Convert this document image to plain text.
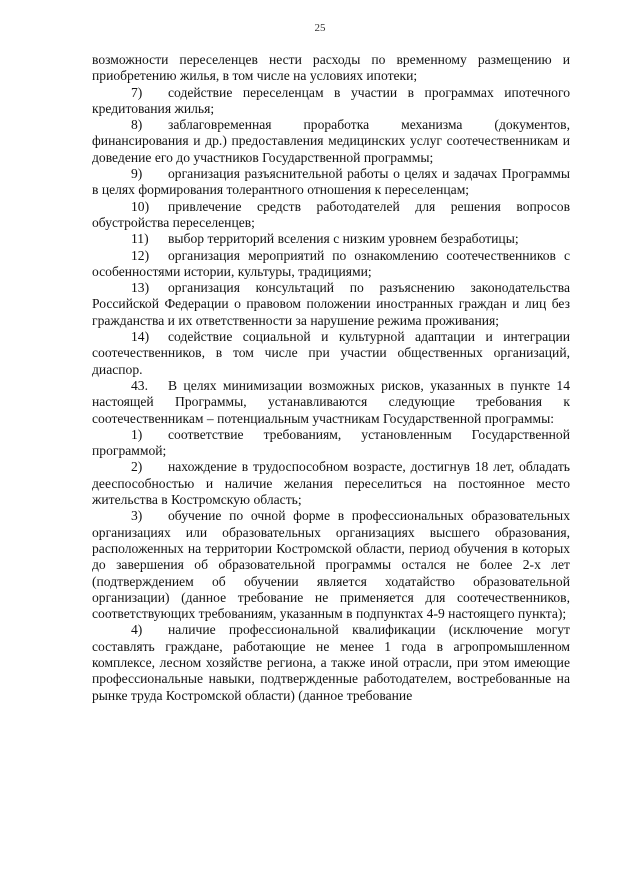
25

возможности переселенцев нести расходы по временному размещению и приобретению жилья, в том числе на условиях ипотеки;

7) содействие переселенцам в участии в программах ипотечного кредитования жилья;

8) заблаговременная проработка механизма (документов, финансирования и др.) предоставления медицинских услуг соотечественникам и доведение его до участников Государственной программы;

9) организация разъяснительной работы о целях и задачах Программы в целях формирования толерантного отношения к переселенцам;

10) привлечение средств работодателей для решения вопросов обустройства переселенцев;

11) выбор территорий вселения с низким уровнем безработицы;

12) организация мероприятий по ознакомлению соотечественников с особенностями истории, культуры, традициями;

13) организация консультаций по разъяснению законодательства Российской Федерации о правовом положении иностранных граждан и лиц без гражданства и их ответственности за нарушение режима проживания;

14) содействие социальной и культурной адаптации и интеграции соотечественников, в том числе при участии общественных организаций, диаспор.

43. В целях минимизации возможных рисков, указанных в пункте 14 настоящей Программы, устанавливаются следующие требования к соотечественникам – потенциальным участникам Государственной программы:

1) соответствие требованиям, установленным Государственной программой;

2) нахождение в трудоспособном возрасте, достигнув 18 лет, обладать дееспособностью и наличие желания переселиться на постоянное место жительства в Костромскую область;

3) обучение по очной форме в профессиональных образовательных организациях или образовательных организациях высшего образования, расположенных на территории Костромской области, период обучения в которых до завершения об образовательной программы остался не более 2-х лет (подтверждением об обучении является ходатайство образовательной организации) (данное требование не применяется для соотечественников, соответствующих требованиям, указанным в подпунктах 4-9 настоящего пункта);

4) наличие профессиональной квалификации (исключение могут составлять граждане, работающие не менее 1 года в агропромышленном комплексе, лесном хозяйстве региона, а также иной отрасли, при этом имеющие профессиональные навыки, подтвержденные работодателем, востребованные на рынке труда Костромской области) (данное требование
